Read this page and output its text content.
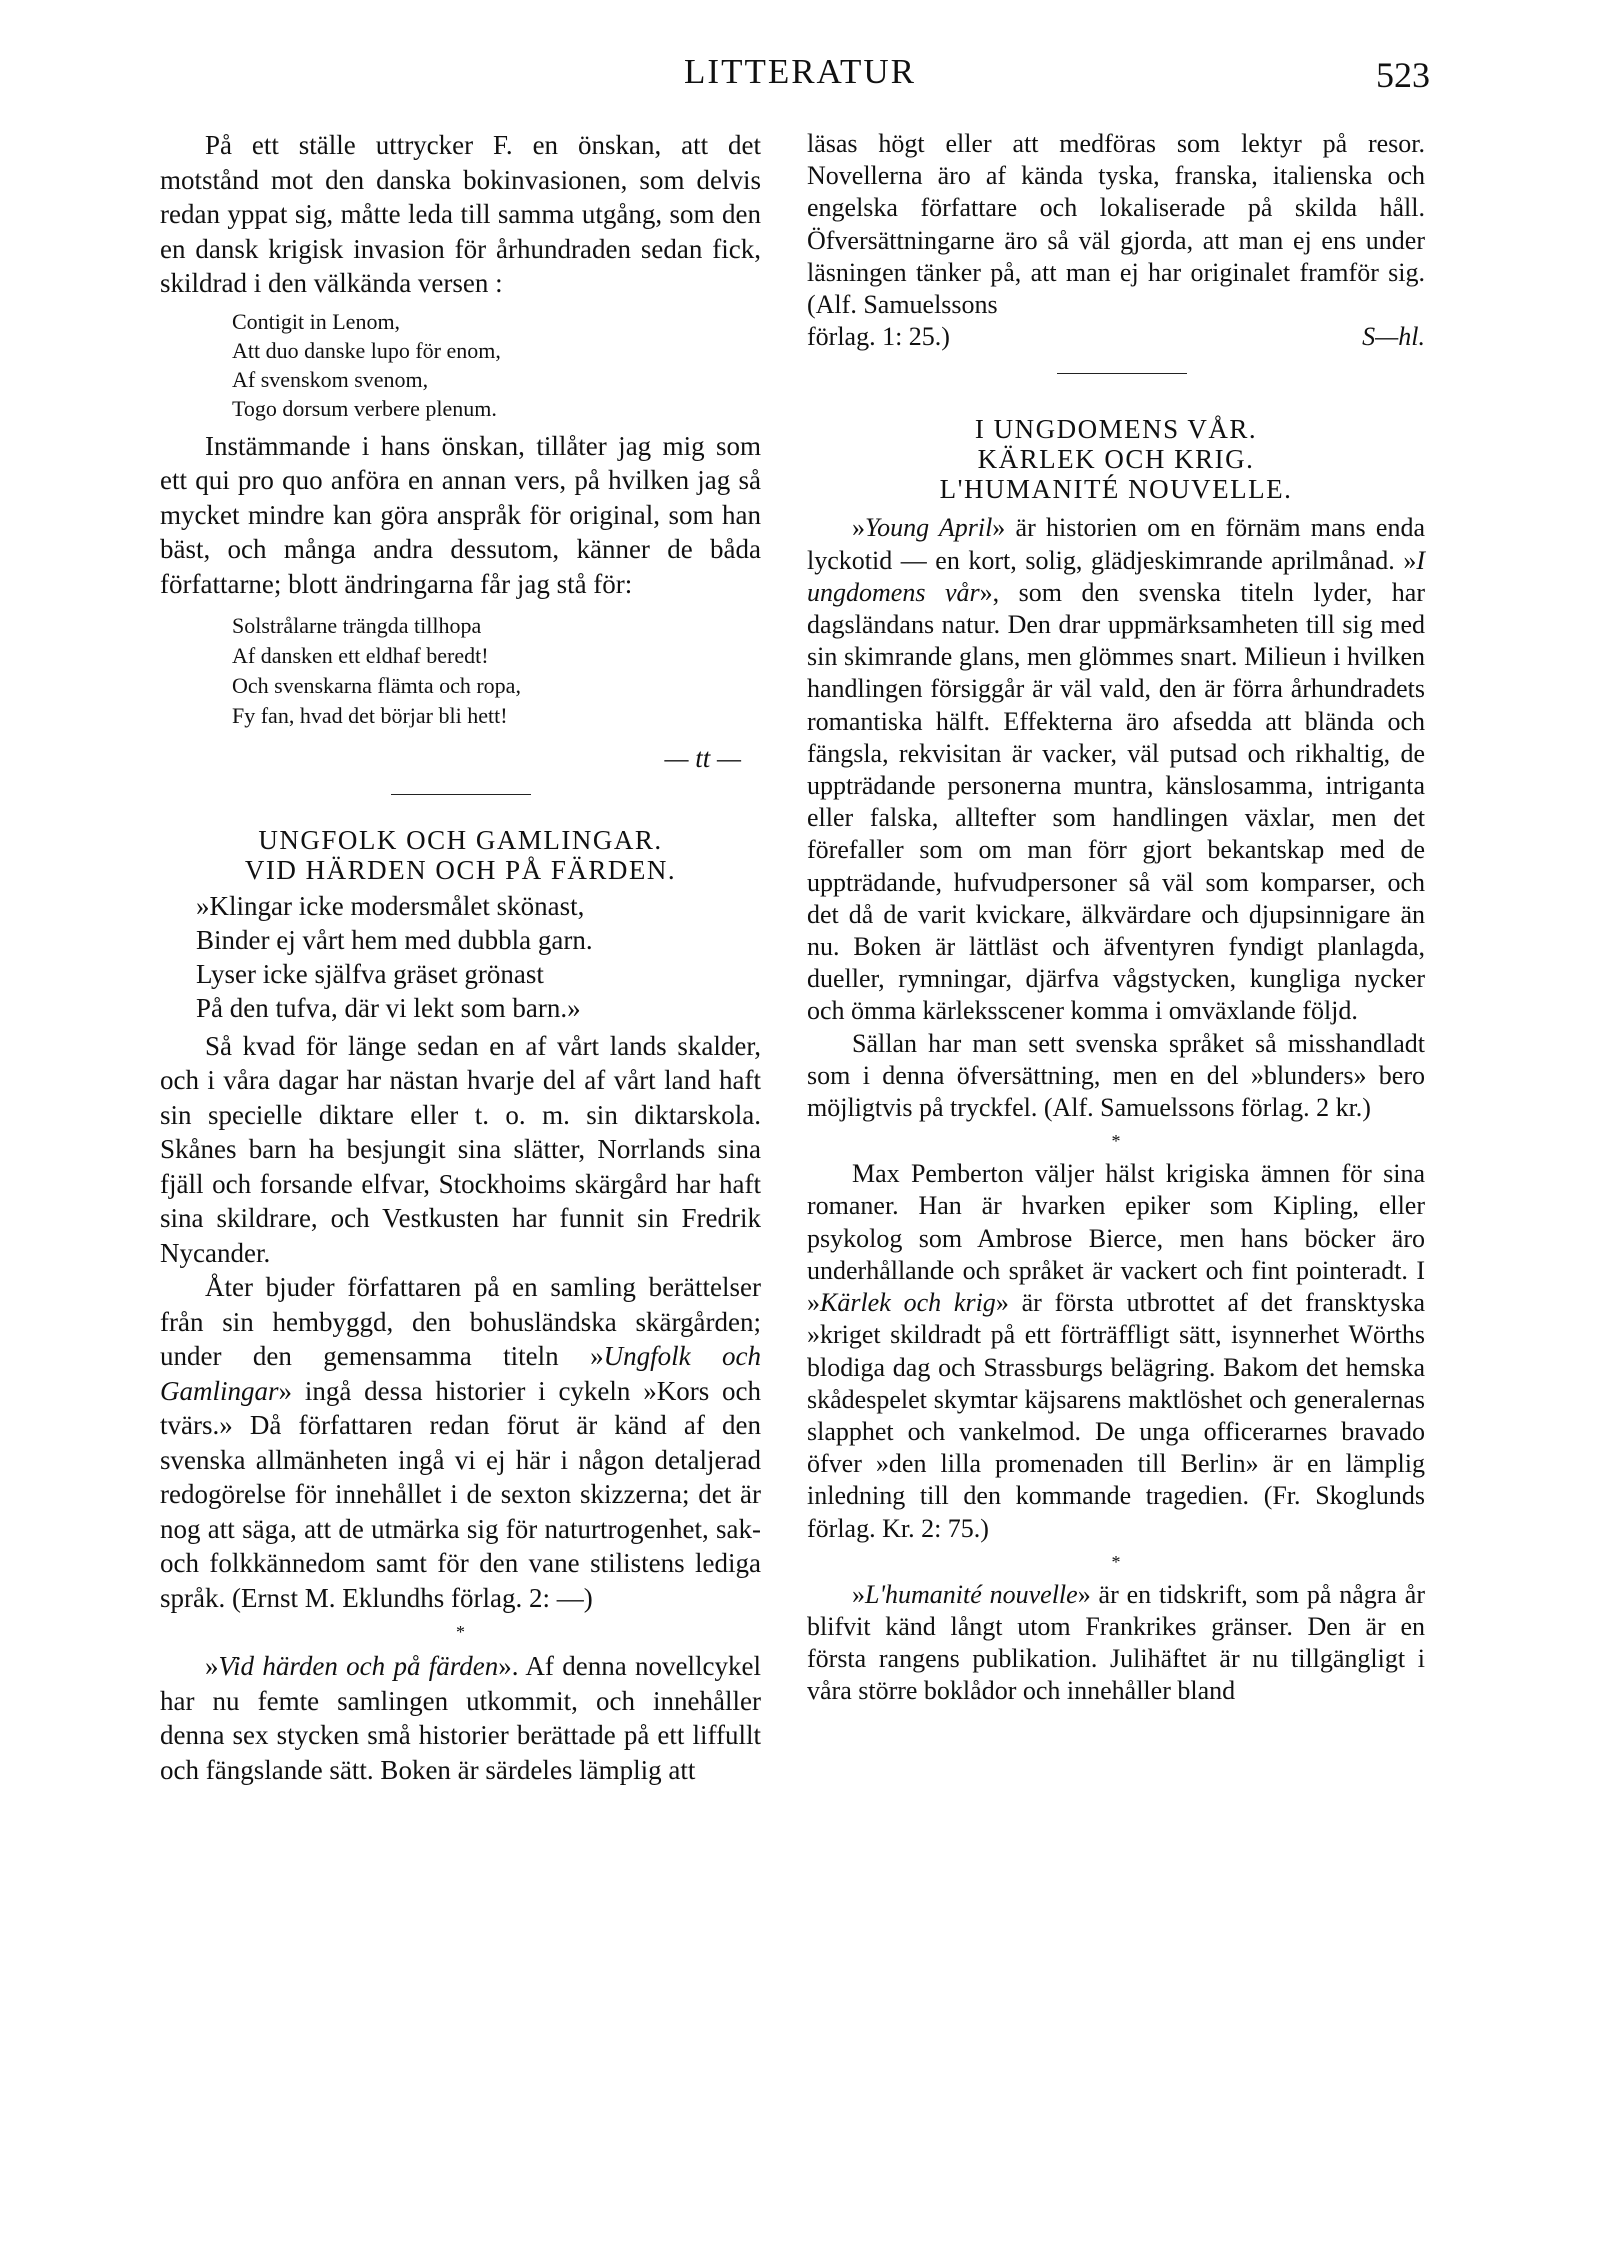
LITTERATUR	523

På ett ställe uttrycker F. en önskan, att det motstånd mot den danska bokinvasionen, som delvis redan yppat sig, måtte leda till samma utgång, som den en dansk krigisk invasion för århundraden sedan fick, skildrad i den välkända versen :

Contigit in Lenom,
Att duo danske lupo för enom,
Af svenskom svenom,
Togo dorsum verbere plenum.

Instämmande i hans önskan, tillåter jag mig som ett qui pro quo anföra en annan vers, på hvilken jag så mycket mindre kan göra anspråk för original, som han bäst, och många andra dessutom, känner de båda författarne; blott ändringarna får jag stå för:

Solstrålarne trängda tillhopa
Af dansken ett eldhaf beredt!
Och svenskarna flämta och ropa,
Fy fan, hvad det börjar bli hett!
— tt —
UNGFOLK OCH GAMLINGAR.
VID HÄRDEN OCH PÅ FÄRDEN.
»Klingar icke modersmålet skönast,
Binder ej vårt hem med dubbla garn.
Lyser icke själfva gräset grönast
På den tufva, där vi lekt som barn.»

Så kvad för länge sedan en af vårt lands skalder, och i våra dagar har nästan hvarje del af vårt land haft sin specielle diktare eller t. o. m. sin diktarskola. Skånes barn ha besjungit sina slätter, Norrlands sina fjäll och forsande elfvar, Stockhoims skärgård har haft sina skildrare, och Vestkusten har funnit sin Fredrik Nycander.

Åter bjuder författaren på en samling berättelser från sin hembyggd, den bohusländska skärgården; under den gemensamma titeln »Ungfolk och Gamlingar» ingå dessa historier i cykeln »Kors och tvärs.» Då författaren redan förut är känd af den svenska allmänheten ingå vi ej här i någon detaljerad redogörelse för innehållet i de sexton skizzerna; det är nog att säga, att de utmärka sig för naturtrogenhet, sak- och folkkännedom samt för den vane stilistens lediga språk. (Ernst M. Eklundhs förlag. 2: —)

*

»Vid härden och på färden». Af denna novellcykel har nu femte samlingen utkommit, och innehåller denna sex stycken små historier berättade på ett liffullt och fängslande sätt. Boken är särdeles lämplig att

läsas högt eller att medföras som lektyr på resor. Novellerna äro af kända tyska, franska, italienska och engelska författare och lokaliserade på skilda håll. Öfversättningarne äro så väl gjorda, att man ej ens under läsningen tänker på, att man ej har originalet framför sig. (Alf. Samuelssons

förlag. 1: 25.)	S—hl.
I UNGDOMENS VÅR.
KÄRLEK OCH KRIG.
L'HUMANITÉ NOUVELLE.

»Young April» är historien om en förnäm mans enda lyckotid — en kort, solig, glädjeskimrande aprilmånad. »I ungdomens vår», som den svenska titeln lyder, har dagsländans natur. Den drar uppmärksamheten till sig med sin skimrande glans, men glömmes snart. Milieun i hvilken handlingen försiggår är väl vald, den är förra århundradets romantiska hälft. Effekterna äro afsedda att blända och fängsla, rekvisitan är vacker, väl putsad och rikhaltig, de uppträdande personerna muntra, känslosamma, intriganta eller falska, alltefter som handlingen växlar, men det förefaller som om man förr gjort bekantskap med de uppträdande, hufvudpersoner så väl som komparser, och det då de varit kvickare, älkvärdare och djupsinnigare än nu. Boken är lättläst och äfventyren fyndigt planlagda, dueller, rymningar, djärfva vågstycken, kungliga nycker och ömma kärleksscener komma i omväxlande följd.

Sällan har man sett svenska språket så misshandladt som i denna öfversättning, men en del »blunders» bero möjligtvis på tryckfel. (Alf. Samuelssons förlag. 2 kr.)

*

Max Pemberton väljer hälst krigiska ämnen för sina romaner. Han är hvarken epiker som Kipling, eller psykolog som Ambrose Bierce, men hans böcker äro underhållande och språket är vackert och fint pointeradt. I »Kärlek och krig» är första utbrottet af det fransktyska »kriget skildradt på ett förträffligt sätt, isynnerhet Wörths blodiga dag och Strassburgs belägring. Bakom det hemska skådespelet skymtar käjsarens maktlöshet och generalernas slapphet och vankelmod. De unga officerarnes bravado öfver »den lilla promenaden till Berlin» är en lämplig inledning till den kommande tragedien. (Fr. Skoglunds förlag. Kr. 2: 75.)

*

»L'humanité nouvelle» är en tidskrift, som på några år blifvit känd långt utom Frankrikes gränser. Den är en första rangens publikation. Julihäftet är nu tillgängligt i våra större boklådor och innehåller bland
